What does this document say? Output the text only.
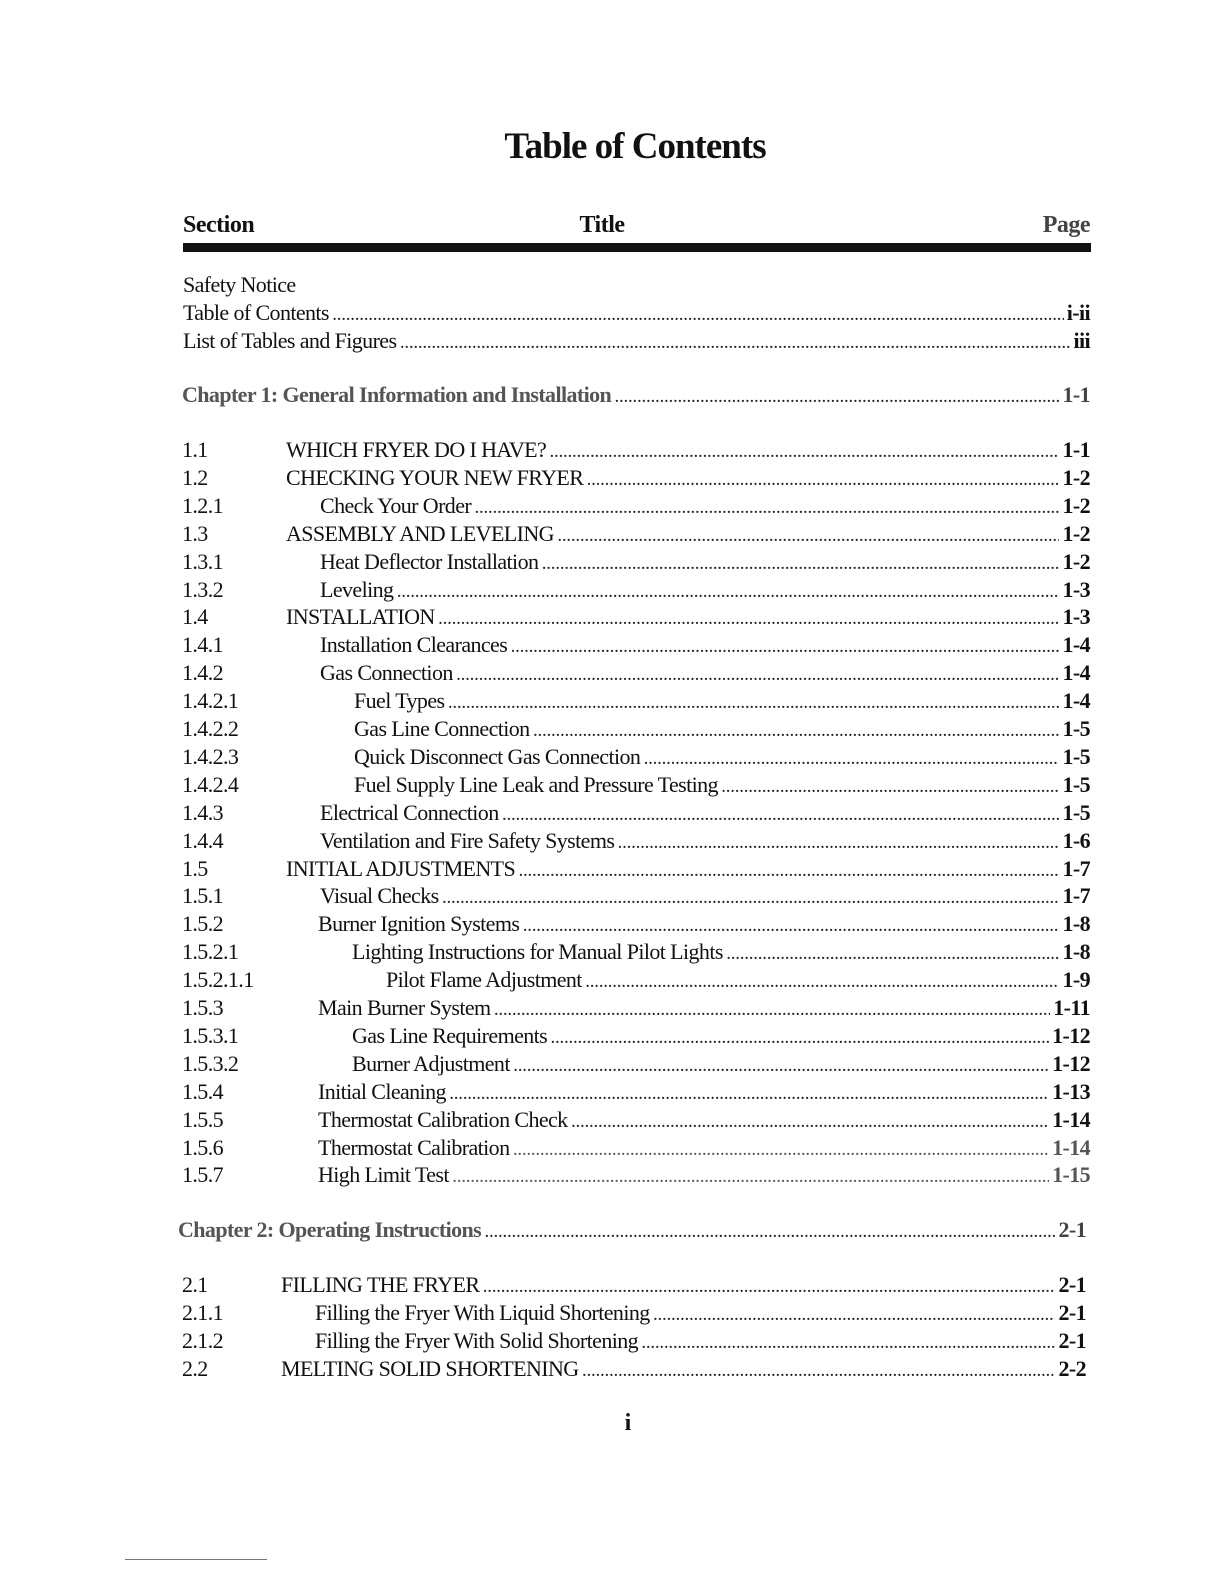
Table of Contents
Section	Title	Page
Safety Notice
Table of Contents .....	i-ii
List of Tables and Figures .....	iii
Chapter 1: General Information and Installation .....	1-1
1.1	WHICH FRYER DO I HAVE? .....	1-1
1.2	CHECKING YOUR NEW FRYER .....	1-2
1.2.1	Check Your Order .....	1-2
1.3	ASSEMBLY AND LEVELING .....	1-2
1.3.1	Heat Deflector Installation .....	1-2
1.3.2	Leveling .....	1-3
1.4	INSTALLATION .....	1-3
1.4.1	Installation Clearances .....	1-4
1.4.2	Gas Connection .....	1-4
1.4.2.1	Fuel Types .....	1-4
1.4.2.2	Gas Line Connection .....	1-5
1.4.2.3	Quick Disconnect Gas Connection .....	1-5
1.4.2.4	Fuel Supply Line Leak and Pressure Testing .....	1-5
1.4.3	Electrical Connection .....	1-5
1.4.4	Ventilation and Fire Safety Systems .....	1-6
1.5	INITIAL ADJUSTMENTS .....	1-7
1.5.1	Visual Checks .....	1-7
1.5.2	Burner Ignition Systems .....	1-8
1.5.2.1	Lighting Instructions for Manual Pilot Lights .....	1-8
1.5.2.1.1	Pilot Flame Adjustment .....	1-9
1.5.3	Main Burner System .....	1-11
1.5.3.1	Gas Line Requirements .....	1-12
1.5.3.2	Burner Adjustment .....	1-12
1.5.4	Initial Cleaning .....	1-13
1.5.5	Thermostat Calibration Check .....	1-14
1.5.6	Thermostat Calibration .....	1-14
1.5.7	High Limit Test .....	1-15
Chapter 2: Operating Instructions .....	2-1
2.1	FILLING THE FRYER .....	2-1
2.1.1	Filling the Fryer With Liquid Shortening .....	2-1
2.1.2	Filling the Fryer With Solid Shortening .....	2-1
2.2	MELTING SOLID SHORTENING .....	2-2
i
